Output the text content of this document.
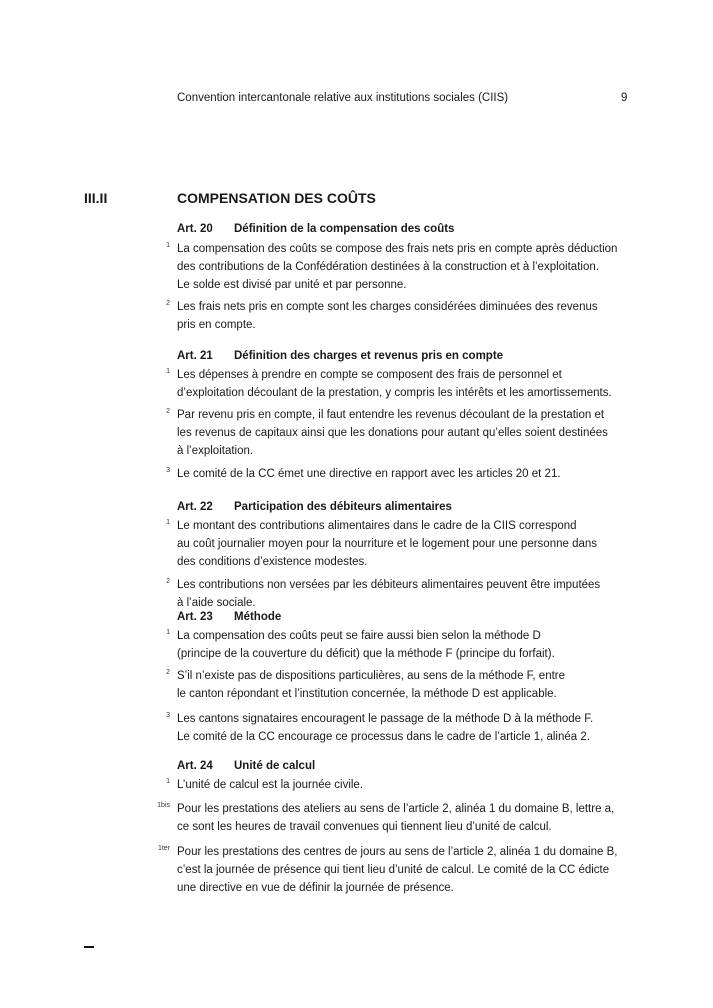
Convention intercantonale relative aux institutions sociales (CIIS)	9
III.II	COMPENSATION DES COÛTS
Art. 20 Définition de la compensation des coûts
1 La compensation des coûts se compose des frais nets pris en compte après déduction
des contributions de la Confédération destinées à la construction et à l’exploitation.
Le solde est divisé par unité et par personne.
2 Les frais nets pris en compte sont les charges considérées diminuées des revenus
pris en compte.
Art. 21 Définition des charges et revenus pris en compte
1 Les dépenses à prendre en compte se composent des frais de personnel et
d’exploitation découlant de la prestation, y compris les intérêts et les amortissements.
2 Par revenu pris en compte, il faut entendre les revenus découlant de la prestation et
les revenus de capitaux ainsi que les donations pour autant qu’elles soient destinées
à l’exploitation.
3 Le comité de la CC émet une directive en rapport avec les articles 20 et 21.
Art. 22 Participation des débiteurs alimentaires
1 Le montant des contributions alimentaires dans le cadre de la CIIS correspond
au coût journalier moyen pour la nourriture et le logement pour une personne dans
des conditions d’existence modestes.
2 Les contributions non versées par les débiteurs alimentaires peuvent être imputées
à l’aide sociale.
Art. 23 Méthode
1 La compensation des coûts peut se faire aussi bien selon la méthode D
(principe de la couverture du déficit) que la méthode F (principe du forfait).
2 S’il n’existe pas de dispositions particulières, au sens de la méthode F, entre
le canton répondant et l’institution concernée, la méthode D est applicable.
3 Les cantons signataires encouragent le passage de la méthode D à la méthode F.
Le comité de la CC encourage ce processus dans le cadre de l’article 1, alinéa 2.
Art. 24 Unité de calcul
1 L’unité de calcul est la journée civile.
1bis Pour les prestations des ateliers au sens de l’article 2, alinéa 1 du domaine B, lettre a,
ce sont les heures de travail convenues qui tiennent lieu d’unité de calcul.
1ter Pour les prestations des centres de jours au sens de l’article 2, alinéa 1 du domaine B,
c’est la journée de présence qui tient lieu d’unité de calcul. Le comité de la CC édicte
une directive en vue de définir la journée de présence.
